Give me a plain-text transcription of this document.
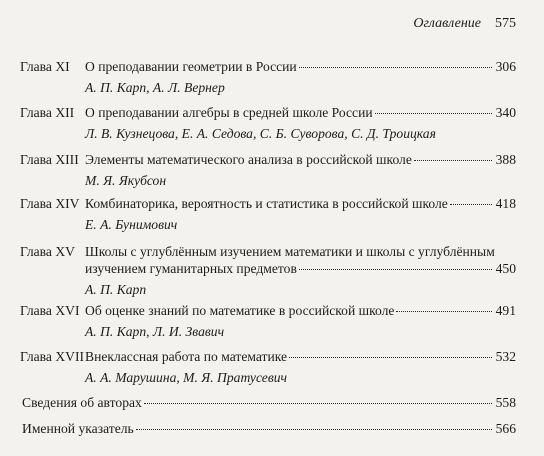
Оглавление 575
Глава XI	О преподавании геометрии в России	306
А. П. Карп, А. Л. Вернер
Глава XII О преподавании алгебры в средней школе России	340
Л. В. Кузнецова, Е. А. Седова, С. Б. Суворова, С. Д. Троицкая
Глава XIII Элементы математического анализа в российской школе	388
М. Я. Якубсон
Глава XIV Комбинаторика, вероятность и статистика в российской школе	418
Е. А. Бунимович
Глава XV Школы с углублённым изучением математики и школы с углублённым
изучением гуманитарных предметов	450
А. П. Карп
Глава XVI Об оценке знаний по математике в российской школе	491
А. П. Карп, Л. И. Звавич
Глава XVII Внеклассная работа по математике	532
А. А. Марушина, М. Я. Пратусевич
Сведения об авторах	558
Именной указатель	566
